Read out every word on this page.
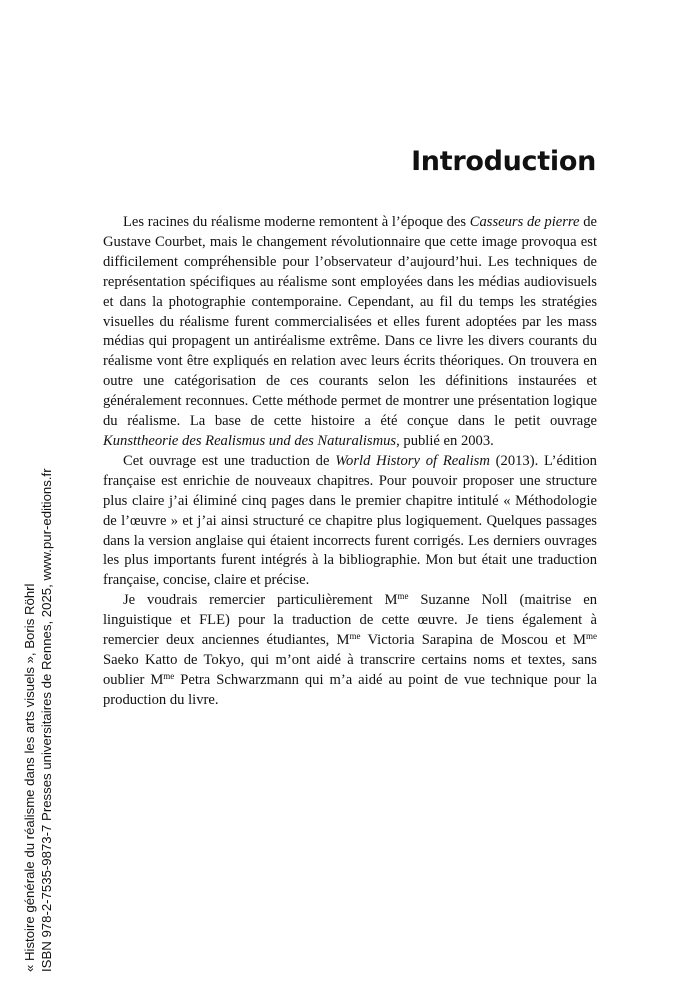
Introduction

Les racines du réalisme moderne remontent à l’époque des Casseurs de pierre de Gustave Courbet, mais le changement révolutionnaire que cette image provoqua est difficilement compréhensible pour l’observateur d’aujourd’hui. Les techniques de représentation spécifiques au réalisme sont employées dans les médias audiovisuels et dans la photographie contemporaine. Cependant, au fil du temps les stratégies visuelles du réalisme furent commercialisées et elles furent adoptées par les mass médias qui propagent un antiréalisme extrême. Dans ce livre les divers courants du réalisme vont être expliqués en relation avec leurs écrits théoriques. On trouvera en outre une catégorisation de ces courants selon les définitions instaurées et généralement reconnues. Cette méthode permet de montrer une présentation logique du réalisme. La base de cette histoire a été conçue dans le petit ouvrage Kunsttheorie des Realismus und des Naturalismus, publié en 2003.

Cet ouvrage est une traduction de World History of Realism (2013). L’édition française est enrichie de nouveaux chapitres. Pour pouvoir proposer une structure plus claire j’ai éliminé cinq pages dans le premier chapitre intitulé « Méthodologie de l’œuvre » et j’ai ainsi structuré ce chapitre plus logiquement. Quelques passages dans la version anglaise qui étaient incorrects furent corrigés. Les derniers ouvrages les plus importants furent intégrés à la bibliographie. Mon but était une traduction française, concise, claire et précise.

Je voudrais remercier particulièrement $M^{me}$ Suzanne Noll (maitrise en linguistique et FLE) pour la traduction de cette œuvre. Je tiens également à remercier deux anciennes étudiantes, $M^{me}$ Victoria Sarapina de Moscou et $M^{me}$ Saeko Katto de Tokyo, qui m’ont aidé à transcrire certains noms et textes, sans oublier $M^{me}$ Petra Schwarzmann qui m’a aidé au point de vue technique pour la production du livre.

« Histoire générale du réalisme dans les arts visuels », Boris Röhrl ISBN 978-2-7535-9873-7 Presses universitaires de Rennes, 2025, www.pur-editions.fr
